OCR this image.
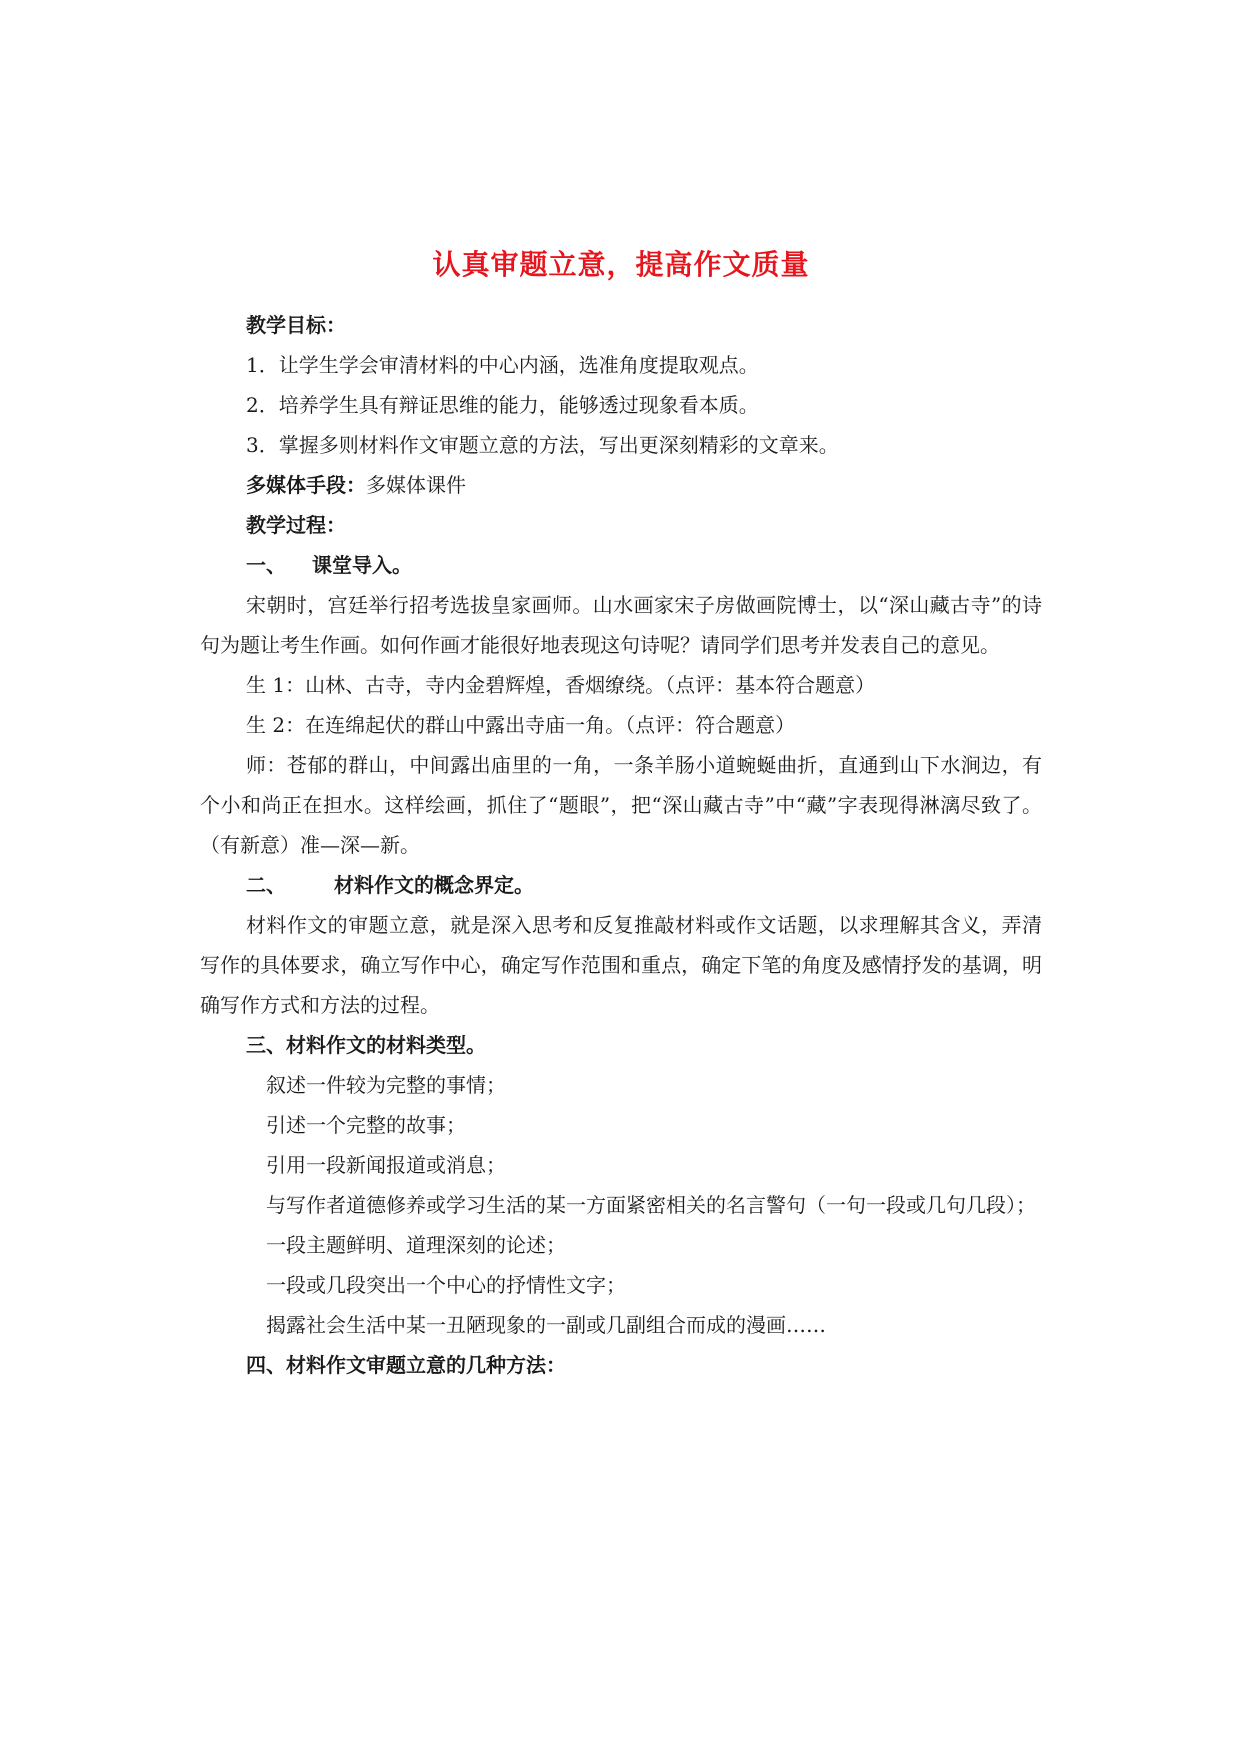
认真审题立意，提高作文质量

教学目标：

1．让学生学会审清材料的中心内涵，选准角度提取观点。

2．培养学生具有辩证思维的能力，能够透过现象看本质。

3．掌握多则材料作文审题立意的方法，写出更深刻精彩的文章来。

多媒体手段：多媒体课件

教学过程：

一、 课堂导入。

宋朝时，宫廷举行招考选拔皇家画师。山水画家宋子房做画院博士，以“深山藏古寺”的诗句为题让考生作画。如何作画才能很好地表现这句诗呢？请同学们思考并发表自己的意见。

生 1：山林、古寺，寺内金碧辉煌，香烟缭绕。（点评：基本符合题意）

生 2：在连绵起伏的群山中露出寺庙一角。（点评：符合题意）

师：苍郁的群山，中间露出庙里的一角，一条羊肠小道蜿蜒曲折，直通到山下水涧边，有个小和尚正在担水。这样绘画，抓住了“题眼”，把“深山藏古寺”中“藏”字表现得淋漓尽致了。（有新意）准—深—新。

二、 材料作文的概念界定。

材料作文的审题立意，就是深入思考和反复推敲材料或作文话题，以求理解其含义，弄清写作的具体要求，确立写作中心，确定写作范围和重点，确定下笔的角度及感情抒发的基调，明确写作方式和方法的过程。

三、材料作文的材料类型。

叙述一件较为完整的事情；

引述一个完整的故事；

引用一段新闻报道或消息；

与写作者道德修养或学习生活的某一方面紧密相关的名言警句（一句一段或几句几段）；

一段主题鲜明、道理深刻的论述；

一段或几段突出一个中心的抒情性文字；

揭露社会生活中某一丑陋现象的一副或几副组合而成的漫画……

四、材料作文审题立意的几种方法：
